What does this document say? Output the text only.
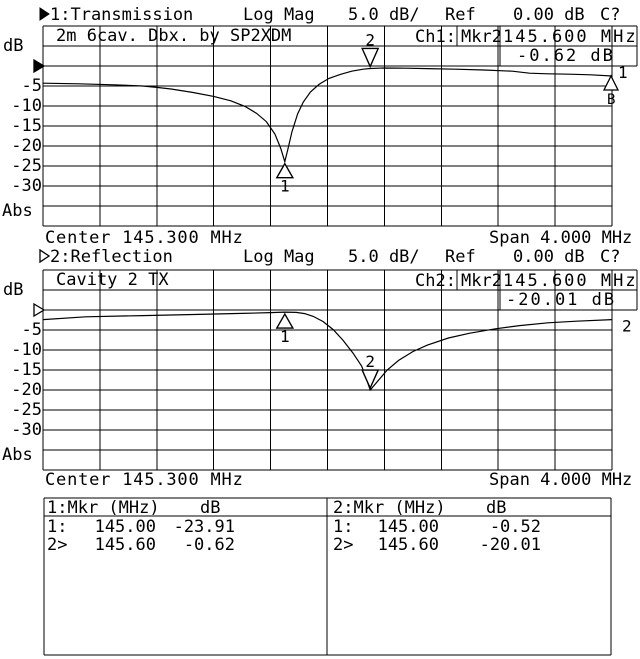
1
2
1
B
1
2
2
1:Transmission	Log Mag 5.0 dB/ Ref 0.00 dB C?
2m 6cav. Dbx. by SP2XDM	Ch1: Mkr2 145.600 MHz
-0.62 dB
dB
-5
-10
-15
-20
-25
-30
Abs
Center 145.300 MHz	Span 4.000 MHz
2:Reflection	Log Mag 5.0 dB/ Ref 0.00 dB C?
Cavity 2 TX	Ch2: Mkr2 145.600 MHz
-20.01 dB
dB
-5
-10
-15
-20
-25
-30
Abs
Center 145.300 MHz	Span 4.000 MHz
1:Mkr (MHz) dB	2:Mkr (MHz) dB
1: 145.00	-23.91
2> 145.60	-0.62
1: 145.00	-0.52
2> 145.60	-20.01
